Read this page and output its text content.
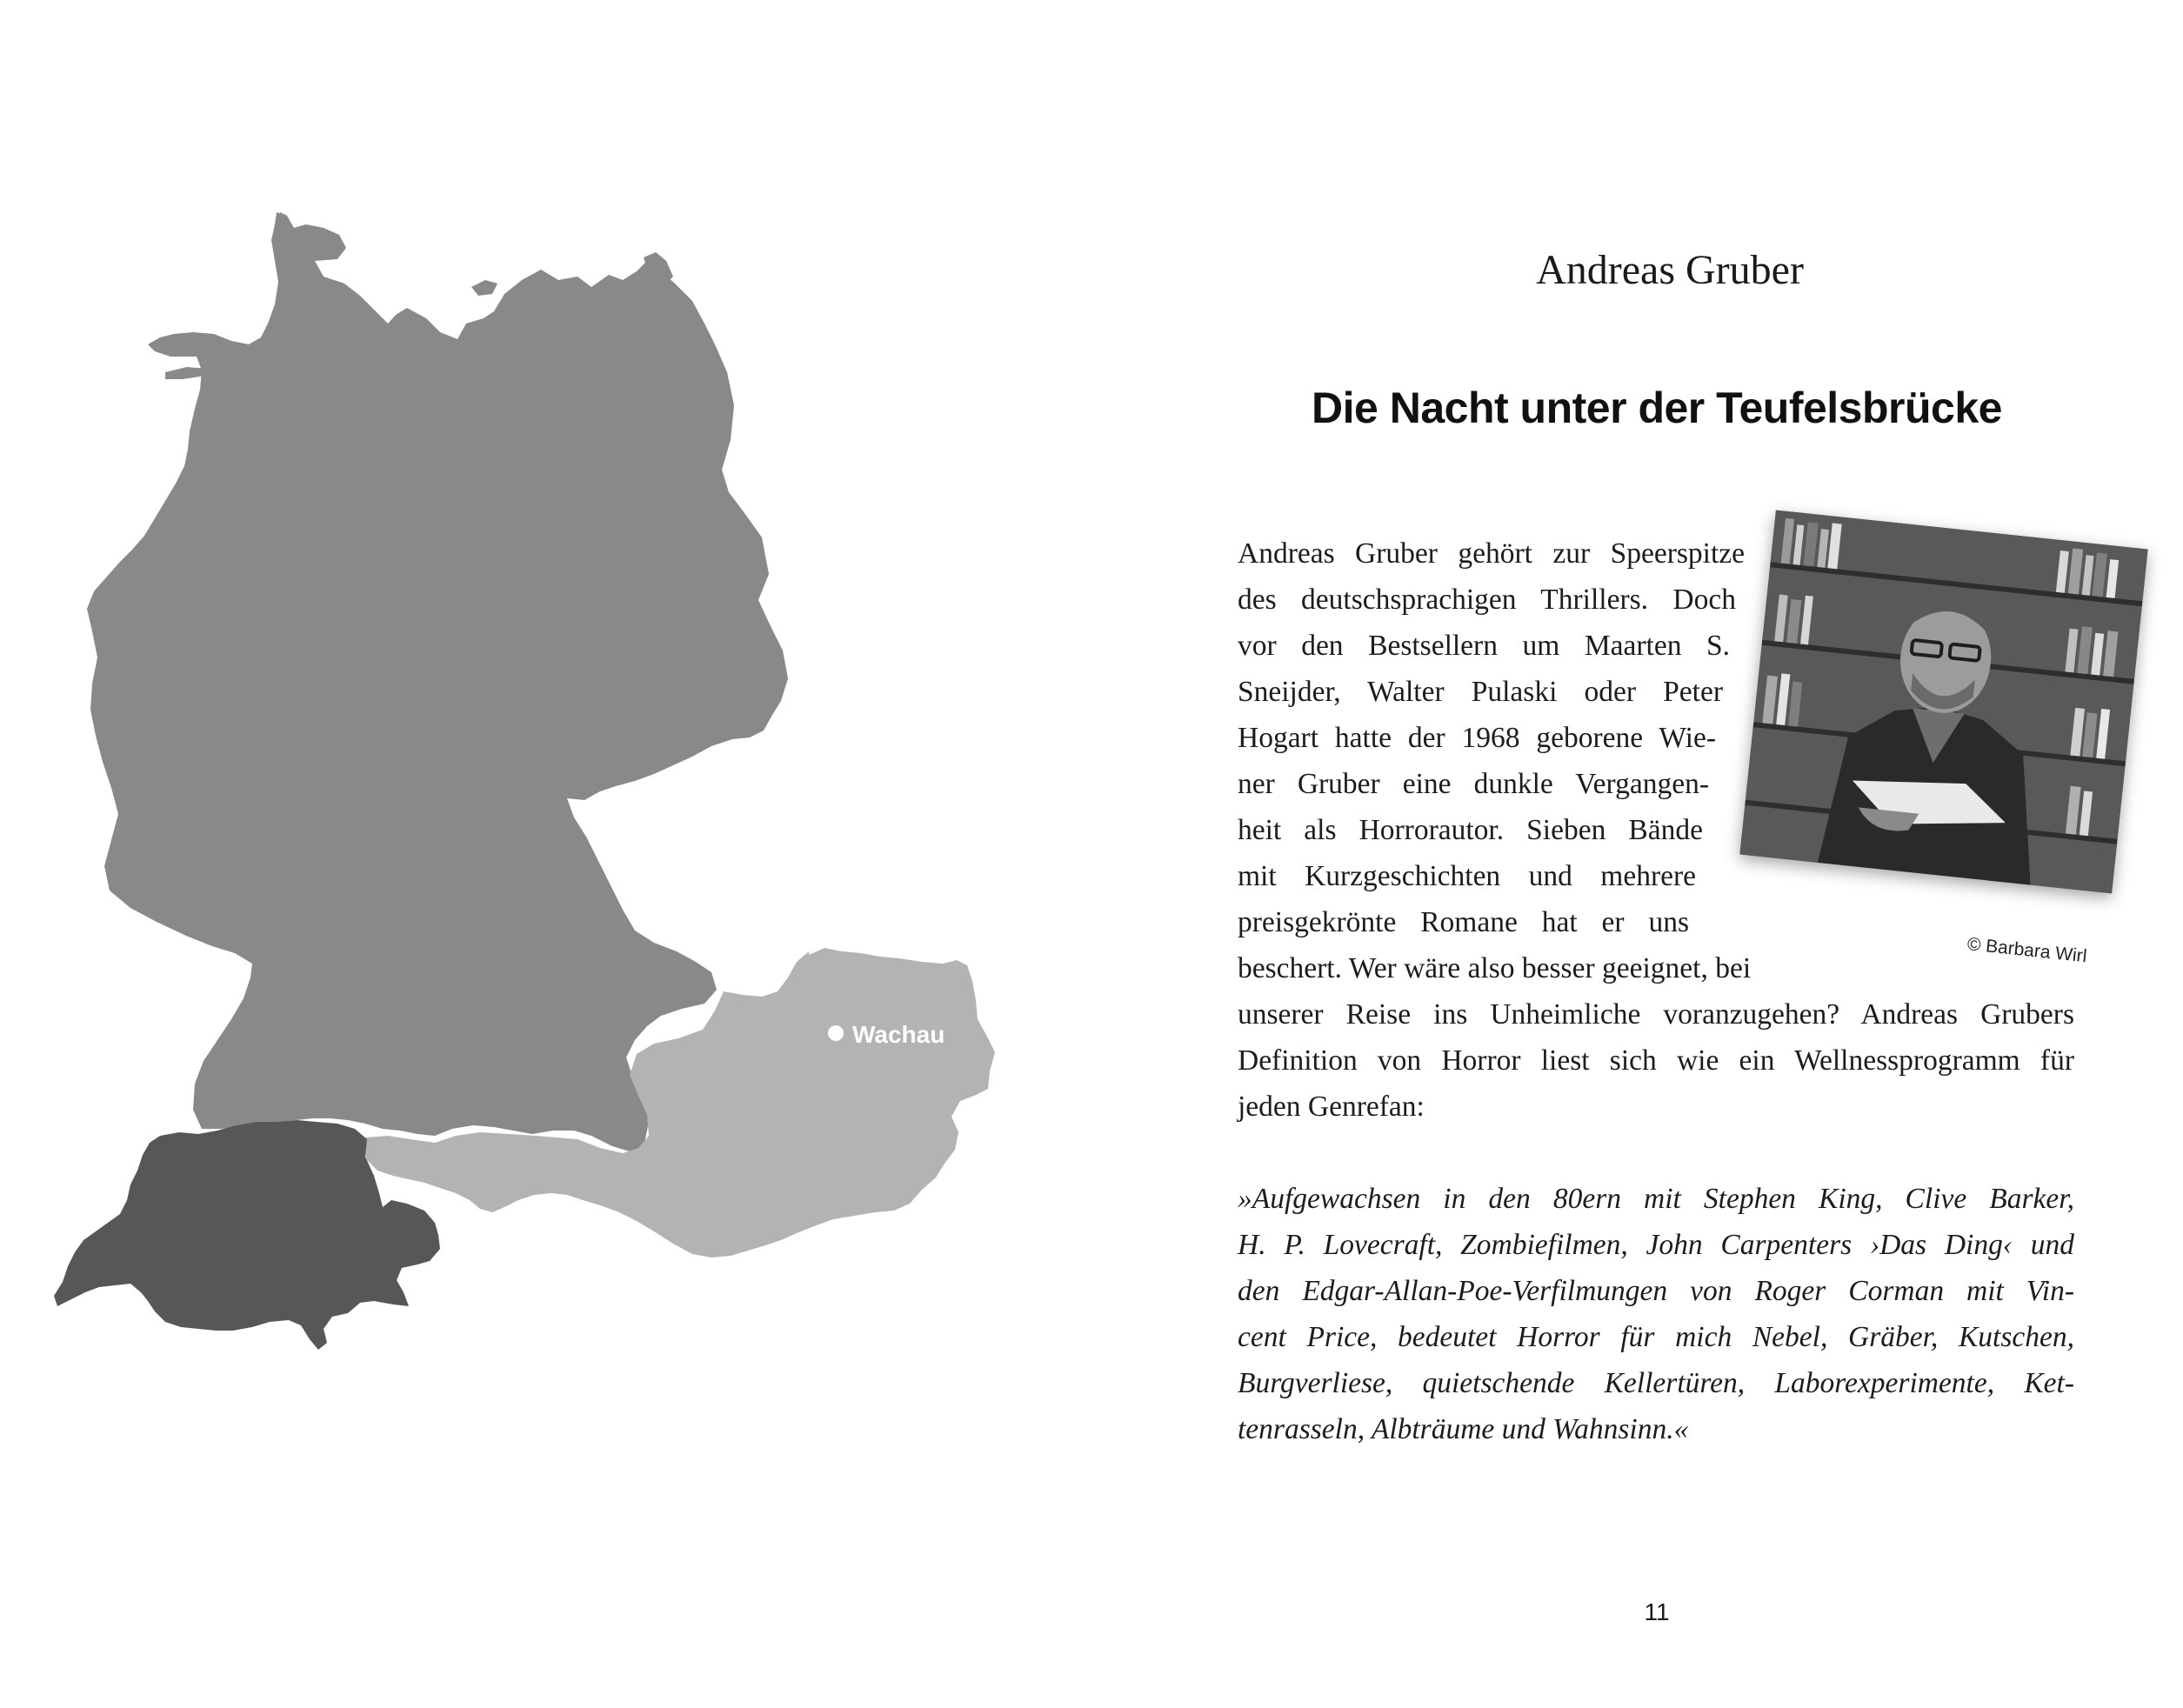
Wachau
Andreas Gruber
Die Nacht unter der Teufelsbrücke
Andreas Gruber gehört zur Speerspitze
des deutschsprachigen Thrillers. Doch
vor den Bestsellern um Maarten S.
Sneijder, Walter Pulaski oder Peter
Hogart hatte der 1968 geborene Wie-
ner Gruber eine dunkle Vergangen-
heit als Horrorautor. Sieben Bände
mit Kurzgeschichten und mehrere
preisgekrönte Romane hat er uns
beschert. Wer wäre also besser geeignet, bei
unserer Reise ins Unheimliche voranzugehen? Andreas Grubers
Definition von Horror liest sich wie ein Wellnessprogramm für
jeden Genrefan:
»Aufgewachsen in den 80ern mit Stephen King, Clive Barker,
H. P. Lovecraft, Zombiefilmen, John Carpenters ›Das Ding‹ und
den Edgar-Allan-Poe-Verfilmungen von Roger Corman mit Vin-
cent Price, bedeutet Horror für mich Nebel, Gräber, Kutschen,
Burgverliese, quietschende Kellertüren, Laborexperimente, Ket-
tenrasseln, Albträume und Wahnsinn.«
© Barbara Wirl
11
